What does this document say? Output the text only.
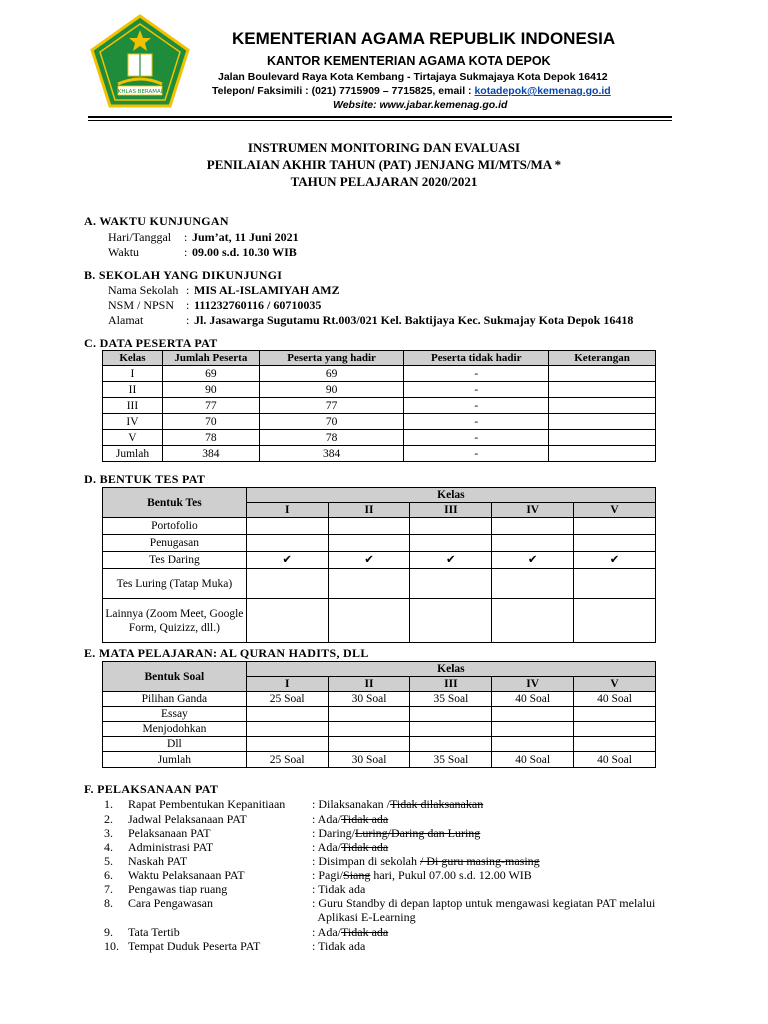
IKHLAS BERAMAL
KEMENTERIAN AGAMA REPUBLIK INDONESIA
KANTOR KEMENTERIAN AGAMA KOTA DEPOK
Jalan Boulevard Raya Kota Kembang - Tirtajaya Sukmajaya Kota Depok 16412
Telepon/ Faksimili : (021) 7715909 – 7715825, email : kotadepok@kemenag.go.id
Website: www.jabar.kemenag.go.id
INSTRUMEN MONITORING DAN EVALUASI
PENILAIAN AKHIR TAHUN (PAT) JENJANG MI/MTS/MA *
TAHUN PELAJARAN 2020/2021
A. WAKTU KUNJUNGAN
Hari/Tanggal : Jum’at, 11 Juni 2021
Waktu	: 09.00 s.d. 10.30 WIB
B. SEKOLAH YANG DIKUNJUNGI
Nama Sekolah : MIS AL-ISLAMIYAH AMZ
NSM / NPSN : 111232760116 / 60710035
Alamat	: Jl. Jasawarga Sugutamu Rt.003/021 Kel. Baktijaya Kec. Sukmajay Kota Depok 16418
C. DATA PESERTA PAT
Kelas	Jumlah Peserta	Peserta yang hadir	Peserta tidak hadir	Keterangan
I	69	69	-	
II	90	90	-	
III	77	77	-	
IV	70	70	-	
V	78	78	-	
Jumlah	384	384	-	
D. BENTUK TES PAT
Bentuk Tes	Kelas				
	I	II	III	IV	V
Portofolio					
Penugasan					
Tes Daring	✔	✔	✔	✔	✔
Tes Luring (Tatap Muka)					
Lainnya (Zoom Meet, Google Form, Quizizz, dll.)					
E. MATA PELAJARAN: AL QURAN HADITS, DLL
Bentuk Soal	Kelas				
	I	II	III	IV	V
Pilihan Ganda	25 Soal	30 Soal	35 Soal	40 Soal	40 Soal
Essay					
Menjodohkan					
Dll					
Jumlah	25 Soal	30 Soal	35 Soal	40 Soal	40 Soal
F. PELAKSANAAN PAT
1. Rapat Pembentukan Kepanitiaan : Dilaksanakan /Tidak dilaksanakan
2. Jadwal Pelaksanaan PAT	: Ada/Tidak ada
3. Pelaksanaan PAT	: Daring/Luring/Daring dan Luring
4. Administrasi PAT	: Ada/Tidak ada
5. Naskah PAT	: Disimpan di sekolah / Di guru masing-masing
6. Waktu Pelaksanaan PAT	: Pagi/Siang hari, Pukul 07.00 s.d. 12.00 WIB
7. Pengawas tiap ruang	: Tidak ada
8. Cara Pengawasan	: Guru Standby di depan laptop untuk mengawasi kegiatan PAT melalui
Aplikasi E-Learning
9. Tata Tertib	: Ada/Tidak ada
10. Tempat Duduk Peserta PAT	: Tidak ada
